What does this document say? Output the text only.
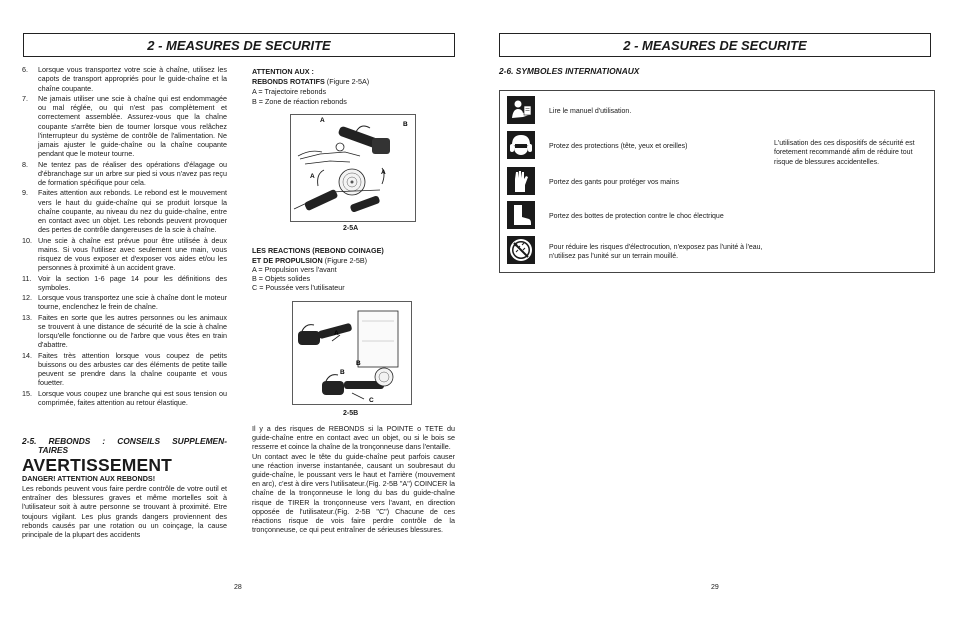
2 - MEASURES DE SECURITE
6.	Lorsque vous transportez votre scie à chaîne, utilisez les capots de transport appropriés pour le guide-chaîne et la chaîne coupante.
7.	Ne jamais utiliser une scie à chaîne qui est endommagée ou mal réglée, ou qui n'est pas complètement et correctement assemblée. Assurez-vous que la chaîne coupante s'arrête bien de tourner lorsque vous relâchez l'interrupteur du système de contrôle de l'alimentation. Ne jamais ajuster le guide-chaîne ou la chaîne coupante pendant que le moteur tourne.
8.	Ne tentez pas de réaliser des opérations d'élagage ou d'ébranchage sur un arbre sur pied si vous n'avez pas reçu de formation spécifique pour cela.
9.	Faites attention aux rebonds. Le rebond est le mouvement vers le haut du guide-chaîne qui se produit lorsque la chaîne coupante, au niveau du nez du guide-chaîne, entre en contact avec un objet. Les rebonds peuvent provoquer des pertes de contrôle dangereuses de la scie à chaîne.
10. Une scie à chaîne est prévue pour être utilisée à deux mains. Si vous l'utilisez avec seulement une main, vous risquez de vous exposer et d'exposer vos aides et/ou les personnes à proximité à un accident grave.
11. Voir la section 1-6 page 14 pour les définitions des symboles.
12. Lorsque vous transportez une scie à chaîne dont le moteur tourne, enclenchez le frein de chaîne.
13. Faites en sorte que les autres personnes ou les animaux se trouvent à une distance de sécurité de la scie à chaîne lorsqu'elle fonctionne ou de l'arbre que vous êtes en train d'abattre.
14. Faites très attention lorsque vous coupez de petits buissons ou des arbustes car des éléments de petite taille peuvent se prendre dans la chaîne coupante et vous fouetter.
15. Lorsque vous coupez une branche qui est sous tension ou comprimée, faites attention au retour élastique.
2-5. REBONDS : CONSEILS SUPPLEMEN-
TAIRES
AVERTISSEMENT
DANGER! ATTENTION AUX REBONDS!
Les rebonds peuvent vous faire perdre contrôle de votre outil et entraîner des blessures graves et même mortelles soit à l'utilisateur soit à autre personne se trouvant à proximité. Etre toujours vigilant. Les plus grands dangers proviennent des rebonds causés par une rotation ou un coinçage, la cause principale de la plupart des accidents
28
ATTENTION AUX :
REBONDS ROTATIFS (Figure 2-5A)
A = Trajectoire rebonds
B = Zone de réaction rebonds
A
B
A
A
2-5A
LES REACTIONS (REBOND COINAGE)
ET DE PROPULSION (Figure 2-5B)
A = Propulsion vers l'avant
B = Objets solides
C = Poussée vers l'utilisateur
A
B
B
C
2-5B
Il y a des risques de REBONDS si la POINTE o TETE du guide-chaîne entre en contact avec un objet, ou si le bois se resserre et coince la chaîne de la tronçonneuse dans l'entaille.
Un contact avec le tête du guide-chaîne peut parfois causer une réaction inverse instantanée, causant un soubresaut du guide-chaîne, le poussant vers le haut et l'arrière (mouvement en arc), c'est à dire vers l'utilisateur.(Fig. 2-5B "A") COINCER la chaîne de la tronçonneuse le long du bas du guide-chaîne risque de TIRER la tronçonneuse vers l'avant, en direction opposée de l'utilisateur.(Fig. 2-5B "C") Chacune de ces réactions risque de vois faire perdre contrôle de la tronçonneuse, ce qui peut entraîner de sérieuses blessures.
2 - MEASURES DE SECURITE
2-6. SYMBOLES INTERNATIONAUX
Lire le manuel d'utilisation.
Protez des protections (tête, yeux et oreilles)
Portez des gants pour protéger vos mains
Portez des bottes de protection contre le choc électrique
Pour réduire les risques d'électrocution, n'exposez pas l'unité à l'eau, n'utilisez pas l'unité sur un terrain mouillé.
L'utilisation des ces dispositifs de sécurité est foretement recommandé afim de réduire tout risque de blessures accidentelles.
29
